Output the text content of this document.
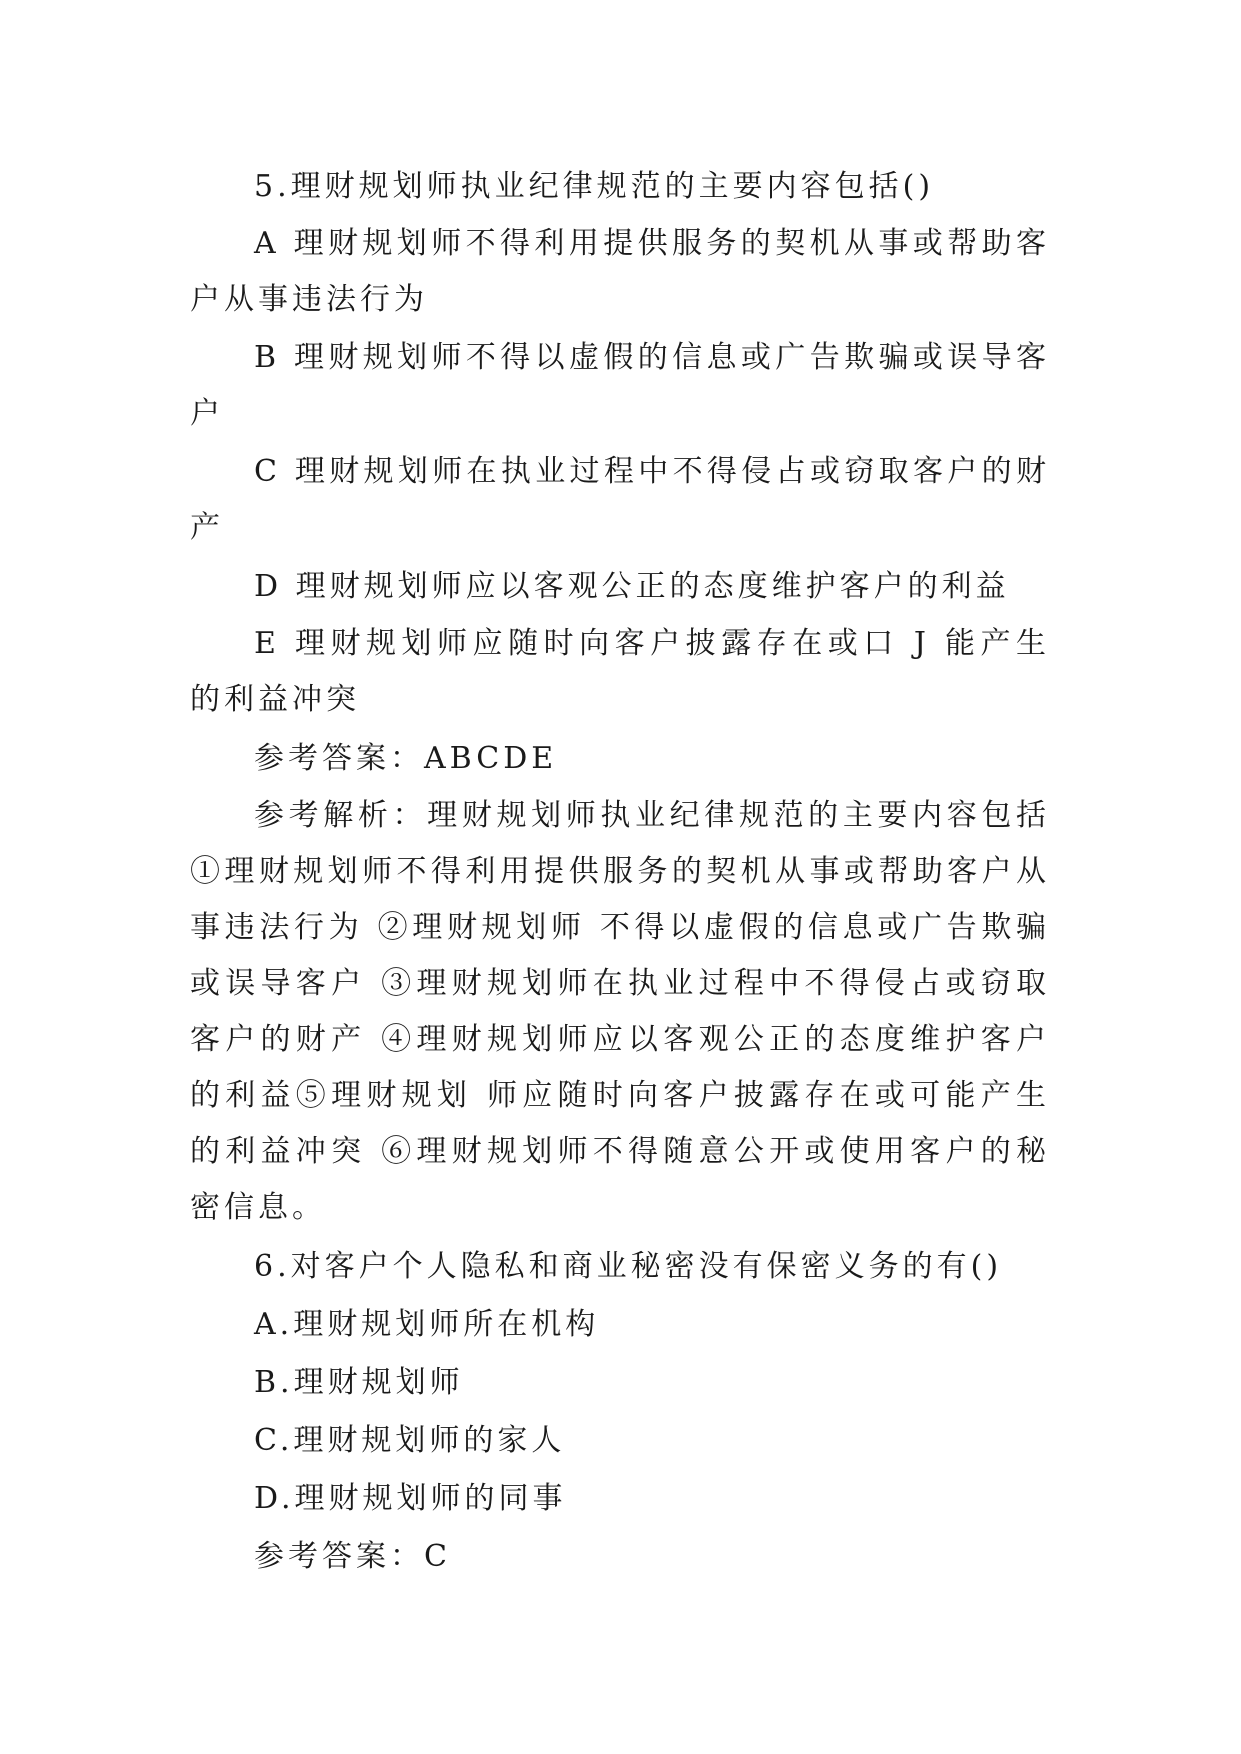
5.理财规划师执业纪律规范的主要内容包括()

A 理财规划师不得利用提供服务的契机从事或帮助客户从事违法行为

B 理财规划师不得以虚假的信息或广告欺骗或误导客户

C 理财规划师在执业过程中不得侵占或窃取客户的财产

D 理财规划师应以客观公正的态度维护客户的利益

E 理财规划师应随时向客户披露存在或口 J 能产生的利益冲突

参考答案：ABCDE

参考解析：理财规划师执业纪律规范的主要内容包括①理财规划师不得利用提供服务的契机从事或帮助客户从事违法行为 ②理财规划师 不得以虚假的信息或广告欺骗或误导客户 ③理财规划师在执业过程中不得侵占或窃取客户的财产 ④理财规划师应以客观公正的态度维护客户的利益⑤理财规划 师应随时向客户披露存在或可能产生的利益冲突 ⑥理财规划师不得随意公开或使用客户的秘密信息。

6.对客户个人隐私和商业秘密没有保密义务的有()

A.理财规划师所在机构

B.理财规划师

C.理财规划师的家人

D.理财规划师的同事

参考答案：C
